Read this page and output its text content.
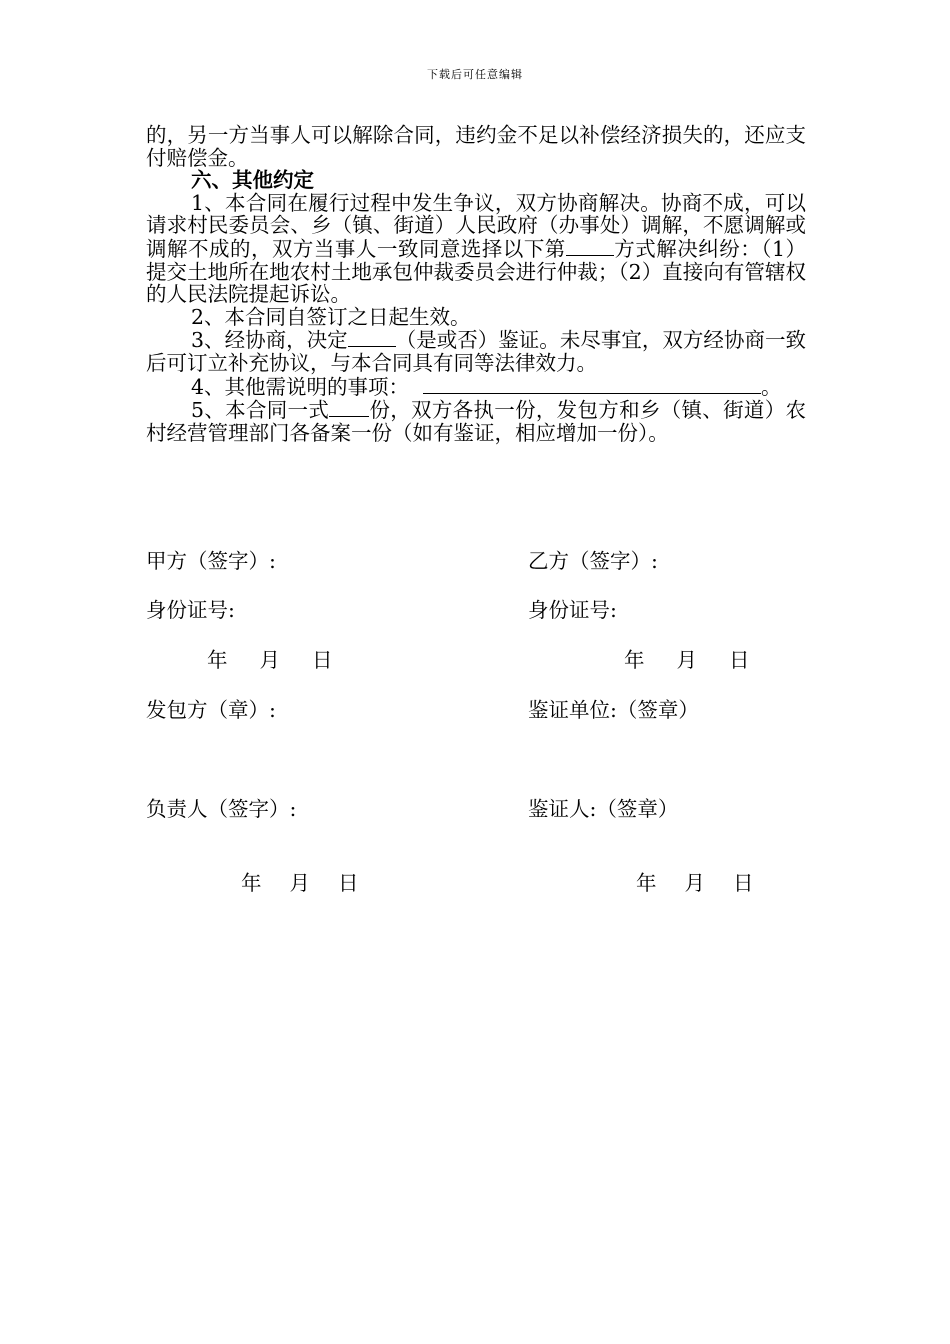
下载后可任意编辑

的，另一方当事人可以解除合同，违约金不足以补偿经济损失的，还应支付赔偿金。

六、其他约定

1、本合同在履行过程中发生争议，双方协商解决。协商不成，可以请求村民委员会、乡（镇、街道）人民政府（办事处）调解，不愿调解或调解不成的，双方当事人一致同意选择以下第 方式解决纠纷：（1）提交土地所在地农村土地承包仲裁委员会进行仲裁；（2）直接向有管辖权的人民法院提起诉讼。

2、本合同自签订之日起生效。

3、经协商，决定 （是或否）鉴证。未尽事宜，双方经协商一致后可订立补充协议，与本合同具有同等法律效力。

4、其他需说明的事项：	。

5、本合同一式 份，双方各执一份，发包方和乡（镇、街道）农村经营管理部门各备案一份（如有鉴证，相应增加一份）。

甲方（签字）:	乙方（签字）:
身份证号:	身份证号:
年 月 日	年 月 日
发包方（章）:	鉴证单位:（签章）
负责人（签字）:	鉴证人:（签章）
年 月 日	年 月 日
